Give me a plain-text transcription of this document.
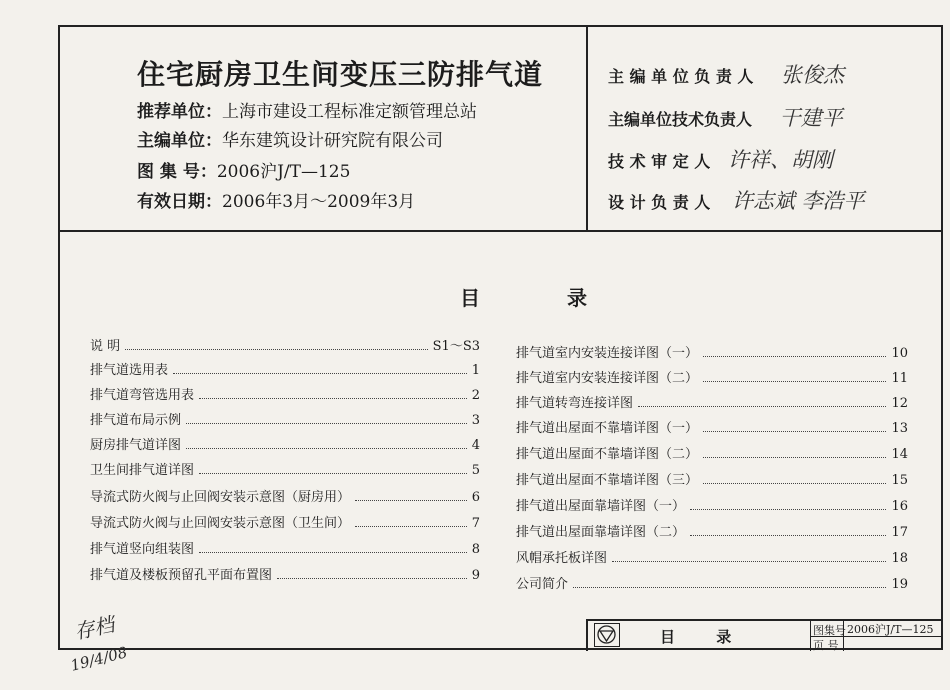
住宅厨房卫生间变压三防排气道
推荐单位：上海市建设工程标准定额管理总站
主编单位：华东建筑设计研究院有限公司
图 集 号：2006沪J/T—125
有效日期：2006年3月～2009年3月
主 编 单 位 负 责 人 张俊杰
主编单位技术负责人 干建平
技 术 审 定 人 许祥、胡刚
设 计 负 责 人 许志斌 李浩平
目 录
说 明	S1～S3
排气道选用表	1
排气道弯管选用表	2
排气道布局示例	3
厨房排气道详图	4
卫生间排气道详图	5
导流式防火阀与止回阀安装示意图（厨房用）	6
导流式防火阀与止回阀安装示意图（卫生间）	7
排气道竖向组装图	8
排气道及楼板预留孔平面布置图	9
排气道室内安装连接详图（一）	10
排气道室内安装连接详图（二）	11
排气道转弯连接详图	12
排气道出屋面不靠墙详图（一）	13
排气道出屋面不靠墙详图（二）	14
排气道出屋面不靠墙详图（三）	15
排气道出屋面靠墙详图（一）	16
排气道出屋面靠墙详图（二）	17
风帽承托板详图	18
公司简介	19
目 录	图集号 2006沪J/T—125
页 号
存档
19/4/08
